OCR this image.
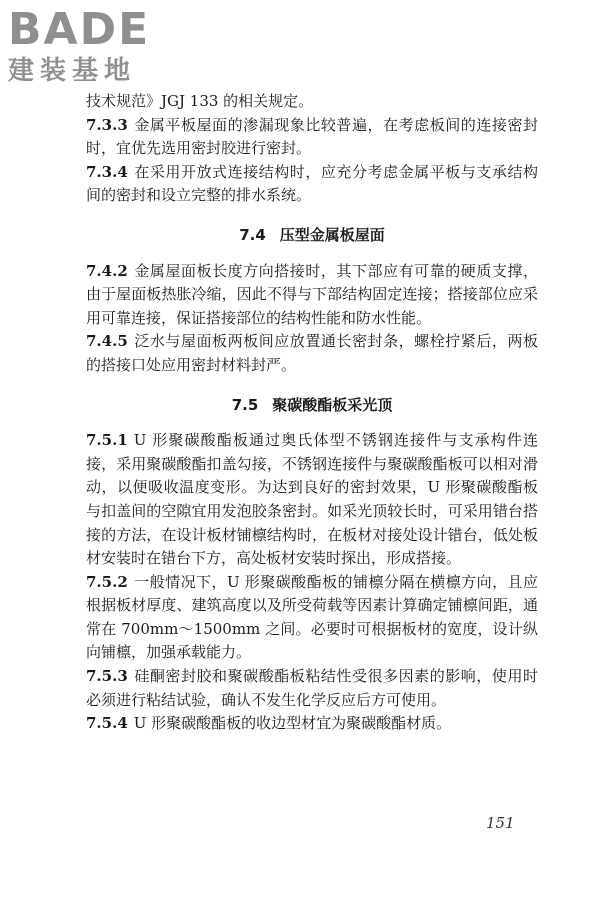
BADE
建装基地

技术规范》JGJ 133 的相关规定。

7.3.3 金属平板屋面的渗漏现象比较普遍，在考虑板间的连接密封时，宜优先选用密封胶进行密封。

7.3.4 在采用开放式连接结构时，应充分考虑金属平板与支承结构间的密封和设立完整的排水系统。

7.4 压型金属板屋面

7.4.2 金属屋面板长度方向搭接时，其下部应有可靠的硬质支撑，由于屋面板热胀冷缩，因此不得与下部结构固定连接；搭接部位应采用可靠连接，保证搭接部位的结构性能和防水性能。

7.4.5 泛水与屋面板两板间应放置通长密封条，螺栓拧紧后，两板的搭接口处应用密封材料封严。

7.5 聚碳酸酯板采光顶

7.5.1 U 形聚碳酸酯板通过奥氏体型不锈钢连接件与支承构件连接，采用聚碳酸酯扣盖勾接，不锈钢连接件与聚碳酸酯板可以相对滑动，以便吸收温度变形。为达到良好的密封效果，U 形聚碳酸酯板与扣盖间的空隙宜用发泡胶条密封。如采光顶较长时，可采用错台搭接的方法，在设计板材铺檩结构时，在板材对接处设计错台，低处板材安装时在错台下方，高处板材安装时探出，形成搭接。

7.5.2 一般情况下，U 形聚碳酸酯板的铺檩分隔在横檩方向，且应根据板材厚度、建筑高度以及所受荷载等因素计算确定铺檩间距，通常在 700mm～1500mm 之间。必要时可根据板材的宽度，设计纵向铺檩，加强承载能力。

7.5.3 硅酮密封胶和聚碳酸酯板粘结性受很多因素的影响，使用时必须进行粘结试验，确认不发生化学反应后方可使用。

7.5.4 U 形聚碳酸酯板的收边型材宜为聚碳酸酯材质。

151
